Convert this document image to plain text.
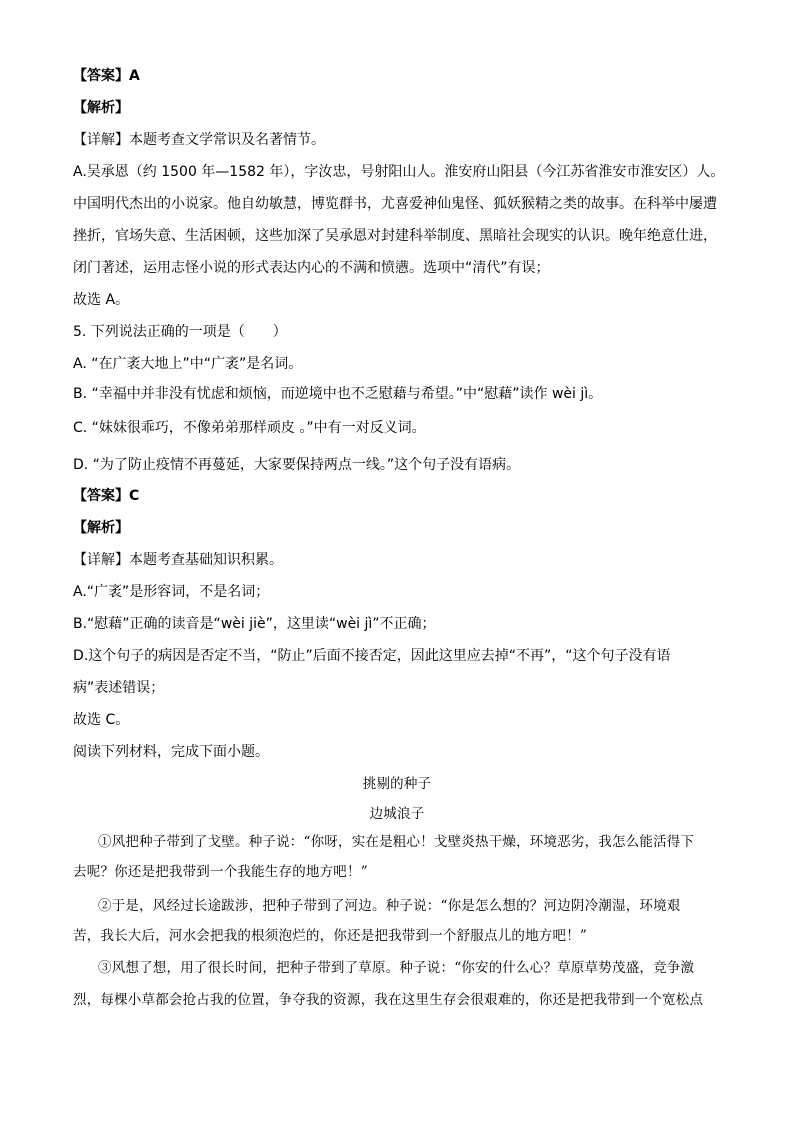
【答案】A
【解析】
【详解】本题考查文学常识及名著情节。
A.吴承恩（约 1500 年—1582 年），字汝忠，号射阳山人。淮安府山阳县（今江苏省淮安市淮安区）人。
中国明代杰出的小说家。他自幼敏慧，博览群书，尤喜爱神仙鬼怪、狐妖猴精之类的故事。在科举中屡遭
挫折，官场失意、生活困顿，这些加深了吴承恩对封建科举制度、黑暗社会现实的认识。晚年绝意仕进，
闭门著述，运用志怪小说的形式表达内心的不满和愤懑。选项中“清代”有误；
故选 A。
5. 下列说法正确的一项是（　　）
A. “在广袤大地上”中“广袤”是名词。
B. “幸福中并非没有忧虑和烦恼，而逆境中也不乏慰藉与希望。”中“慰藉”读作 wèi jì。
C. “妹妹很乖巧，不像弟弟那样顽皮 。”中有一对反义词。
D. “为了防止疫情不再蔓延，大家要保持两点一线。”这个句子没有语病。
【答案】C
【解析】
【详解】本题考查基础知识积累。
A.“广袤”是形容词，不是名词；
B.“慰藉”正确的读音是“wèi jiè”，这里读“wèi jì”不正确；
D.这个句子的病因是否定不当，“防止”后面不接否定，因此这里应去掉“不再”，“这个句子没有语
病”表述错误；
故选 C。
阅读下列材料，完成下面小题。
挑剔的种子
边城浪子
①风把种子带到了戈壁。种子说：“你呀，实在是粗心！戈壁炎热干燥，环境恶劣，我怎么能活得下
去呢？你还是把我带到一个我能生存的地方吧！”
②于是，风经过长途跋涉，把种子带到了河边。种子说：“你是怎么想的？河边阴冷潮湿，环境艰
苦，我长大后，河水会把我的根须泡烂的，你还是把我带到一个舒服点儿的地方吧！”
③风想了想，用了很长时间，把种子带到了草原。种子说：“你安的什么心？草原草势茂盛，竞争激
烈，每棵小草都会抢占我的位置，争夺我的资源，我在这里生存会很艰难的，你还是把我带到一个宽松点
